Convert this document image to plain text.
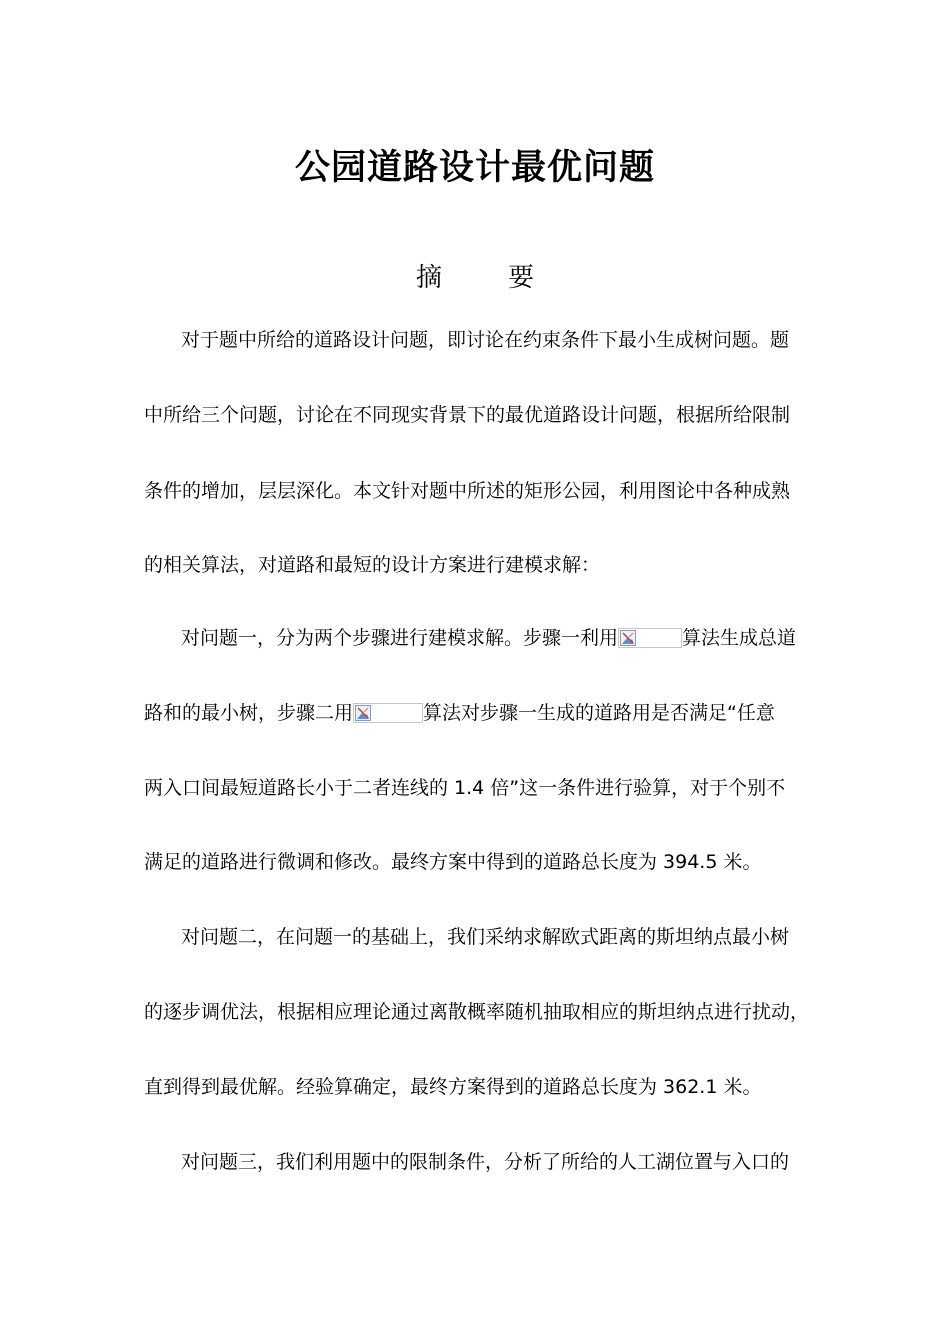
公园道路设计最优问题
摘	要
对于题中所给的道路设计问题，即讨论在约束条件下最小生成树问题。题
中所给三个问题，讨论在不同现实背景下的最优道路设计问题，根据所给限制
条件的增加，层层深化。本文针对题中所述的矩形公园，利用图论中各种成熟
的相关算法，对道路和最短的设计方案进行建模求解：
对问题一，分为两个步骤进行建模求解。步骤一利用	算法生成总道
路和的最小树，步骤二用	算法对步骤一生成的道路用是否满足“任意
两入口间最短道路长小于二者连线的 1.4 倍”这一条件进行验算，对于个别不
满足的道路进行微调和修改。最终方案中得到的道路总长度为 394.5 米。
对问题二，在问题一的基础上，我们采纳求解欧式距离的斯坦纳点最小树
的逐步调优法，根据相应理论通过离散概率随机抽取相应的斯坦纳点进行扰动，
直到得到最优解。经验算确定，最终方案得到的道路总长度为 362.1 米。
对问题三，我们利用题中的限制条件，分析了所给的人工湖位置与入口的
